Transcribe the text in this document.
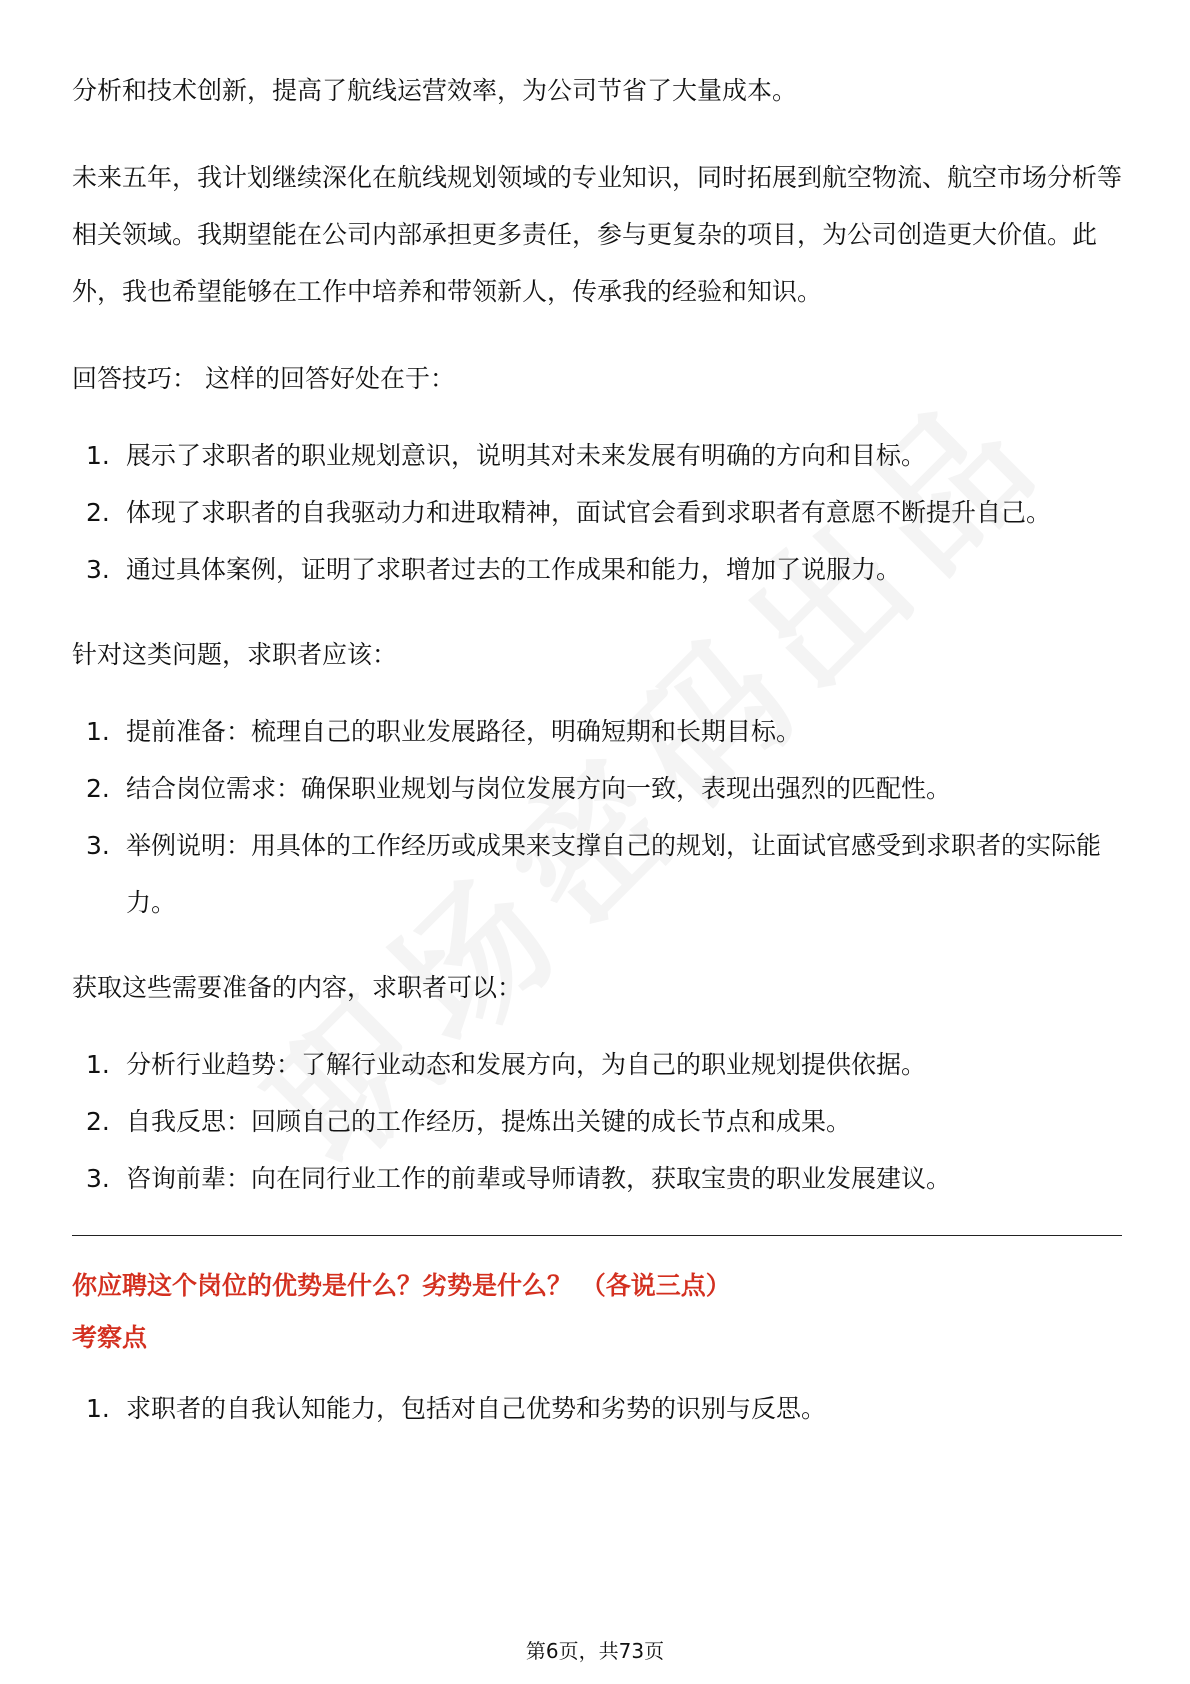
分析和技术创新，提高了航线运营效率，为公司节省了大量成本。

未来五年，我计划继续深化在航线规划领域的专业知识，同时拓展到航空物流、航空市场分析等相关领域。我期望能在公司内部承担更多责任，参与更复杂的项目，为公司创造更大价值。此外，我也希望能够在工作中培养和带领新人，传承我的经验和知识。

回答技巧： 这样的回答好处在于：

1. 展示了求职者的职业规划意识，说明其对未来发展有明确的方向和目标。
2. 体现了求职者的自我驱动力和进取精神，面试官会看到求职者有意愿不断提升自己。
3. 通过具体案例，证明了求职者过去的工作成果和能力，增加了说服力。

针对这类问题，求职者应该：

1. 提前准备：梳理自己的职业发展路径，明确短期和长期目标。
2. 结合岗位需求：确保职业规划与岗位发展方向一致，表现出强烈的匹配性。
3. 举例说明：用具体的工作经历或成果来支撑自己的规划，让面试官感受到求职者的实际能力。

获取这些需要准备的内容，求职者可以：

1. 分析行业趋势：了解行业动态和发展方向，为自己的职业规划提供依据。
2. 自我反思：回顾自己的工作经历，提炼出关键的成长节点和成果。
3. 咨询前辈：向在同行业工作的前辈或导师请教，获取宝贵的职业发展建议。
你应聘这个岗位的优势是什么？劣势是什么？ （各说三点）
考察点
1. 求职者的自我认知能力，包括对自己优势和劣势的识别与反思。
第6页，共73页
